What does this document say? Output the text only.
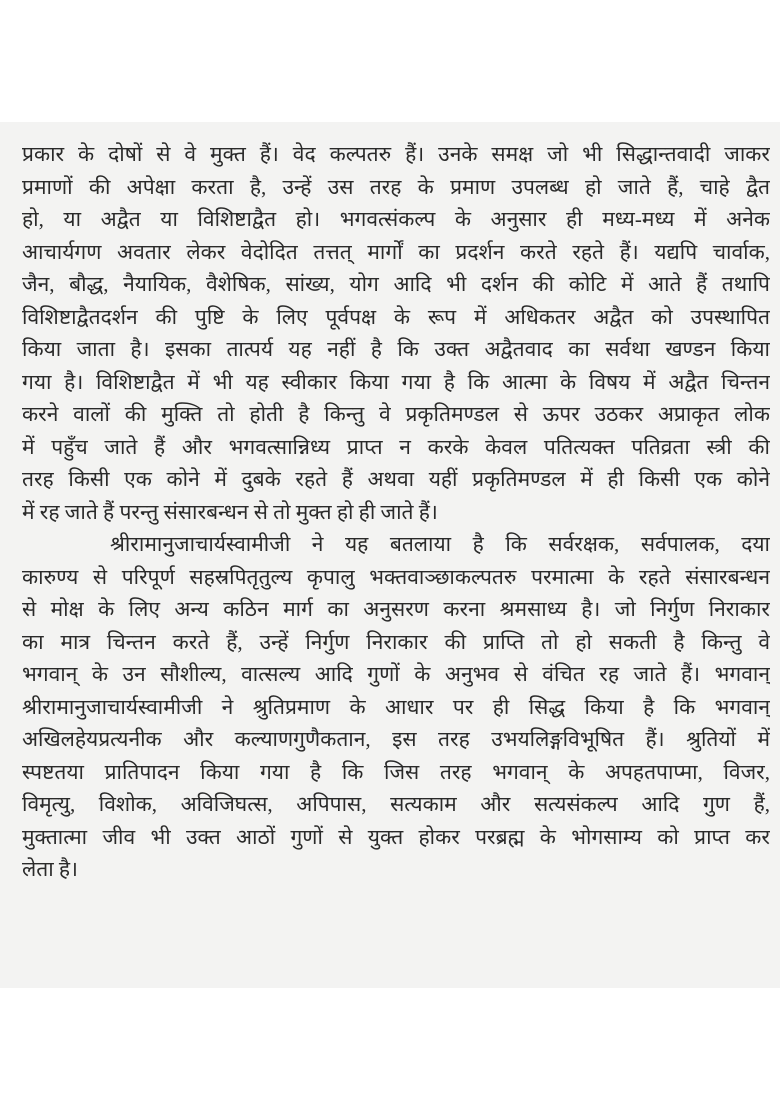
प्रकार के दोषों से वे मुक्त हैं। वेद कल्पतरु हैं। उनके समक्ष जो भी सिद्धान्तवादी जाकर
प्रमाणों की अपेक्षा करता है, उन्हें उस तरह के प्रमाण उपलब्ध हो जाते हैं, चाहे द्वैत
हो, या अद्वैत या विशिष्टाद्वैत हो। भगवत्संकल्प के अनुसार ही मध्य-मध्य में अनेक
आचार्यगण अवतार लेकर वेदोदित तत्तत् मार्गों का प्रदर्शन करते रहते हैं। यद्यपि चार्वाक,
जैन, बौद्ध, नैयायिक, वैशेषिक, सांख्य, योग आदि भी दर्शन की कोटि में आते हैं तथापि
विशिष्टाद्वैतदर्शन की पुष्टि के लिए पूर्वपक्ष के रूप में अधिकतर अद्वैत को उपस्थापित
किया जाता है। इसका तात्पर्य यह नहीं है कि उक्त अद्वैतवाद का सर्वथा खण्डन किया
गया है। विशिष्टाद्वैत में भी यह स्वीकार किया गया है कि आत्मा के विषय में अद्वैत चिन्तन
करने वालों की मुक्ति तो होती है किन्तु वे प्रकृतिमण्डल से ऊपर उठकर अप्राकृत लोक
में पहुँच जाते हैं और भगवत्सान्निध्य प्राप्त न करके केवल पतित्यक्त पतिव्रता स्त्री की
तरह किसी एक कोने में दुबके रहते हैं अथवा यहीं प्रकृतिमण्डल में ही किसी एक कोने
में रह जाते हैं परन्तु संसारबन्धन से तो मुक्त हो ही जाते हैं।
श्रीरामानुजाचार्यस्वामीजी ने यह बतलाया है कि सर्वरक्षक, सर्वपालक, दया
कारुण्य से परिपूर्ण सहस्रपितृतुल्य कृपालु भक्तवाञ्छाकल्पतरु परमात्मा के रहते संसारबन्धन
से मोक्ष के लिए अन्य कठिन मार्ग का अनुसरण करना श्रमसाध्य है। जो निर्गुण निराकार
का मात्र चिन्तन करते हैं, उन्हें निर्गुण निराकार की प्राप्ति तो हो सकती है किन्तु वे
भगवान् के उन सौशील्य, वात्सल्य आदि गुणों के अनुभव से वंचित रह जाते हैं। भगवान्
श्रीरामानुजाचार्यस्वामीजी ने श्रुतिप्रमाण के आधार पर ही सिद्ध किया है कि भगवान्
अखिलहेयप्रत्यनीक और कल्याणगुणैकतान, इस तरह उभयलिङ्गविभूषित हैं। श्रुतियों में
स्पष्टतया प्रातिपादन किया गया है कि जिस तरह भगवान् के अपहतपाप्मा, विजर,
विमृत्यु, विशोक, अविजिघत्स, अपिपास, सत्यकाम और सत्यसंकल्प आदि गुण हैं,
मुक्तात्मा जीव भी उक्त आठों गुणों से युक्त होकर परब्रह्म के भोगसाम्य को प्राप्त कर
लेता है।
